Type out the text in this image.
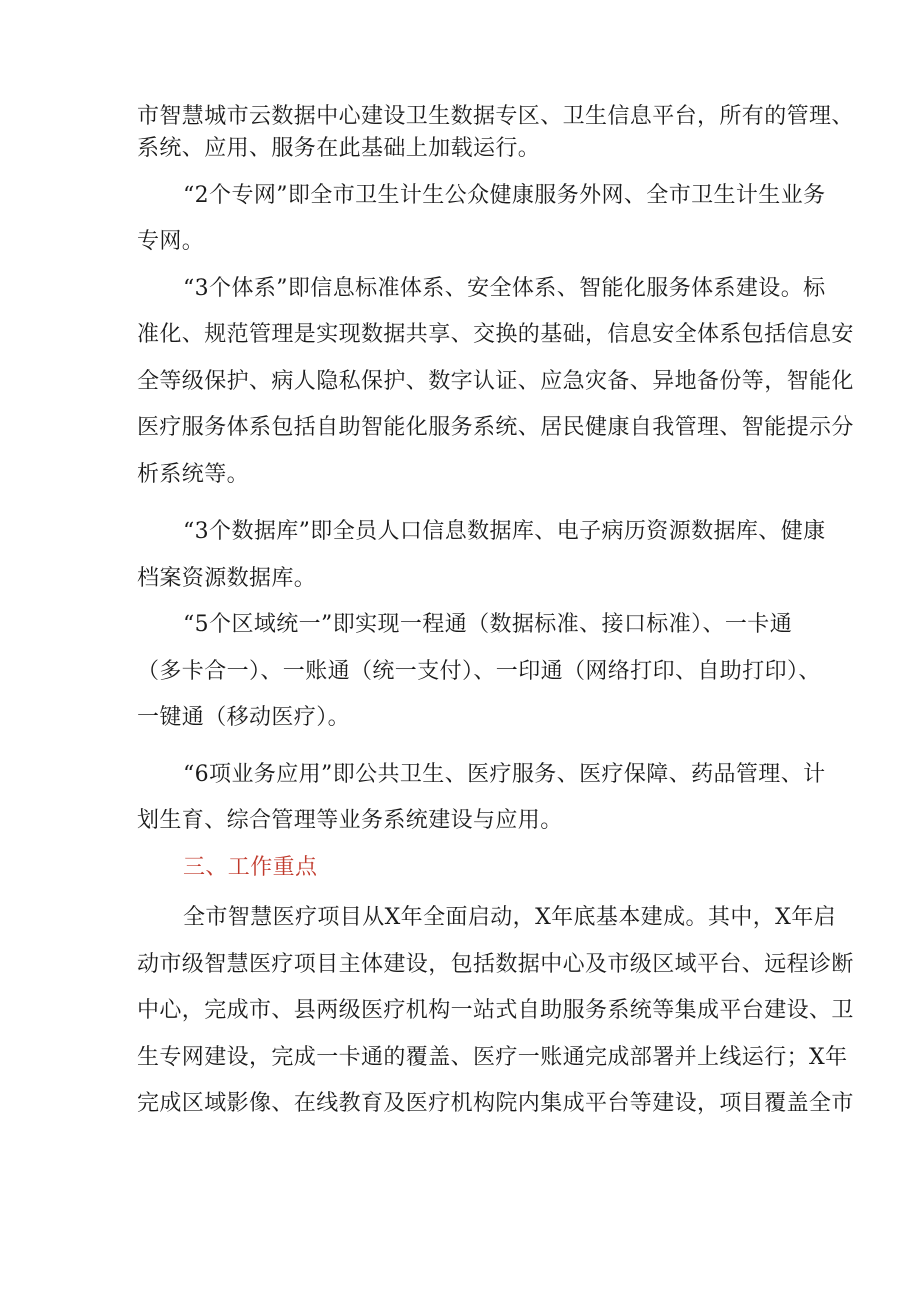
市智慧城市云数据中心建设卫生数据专区、卫生信息平台，所有的管理、

系统、应用、服务在此基础上加载运行。

“2个专网”即全市卫生计生公众健康服务外网、全市卫生计生业务

专网。

“3个体系”即信息标准体系、安全体系、智能化服务体系建设。标

准化、规范管理是实现数据共享、交换的基础，信息安全体系包括信息安

全等级保护、病人隐私保护、数字认证、应急灾备、异地备份等，智能化

医疗服务体系包括自助智能化服务系统、居民健康自我管理、智能提示分

析系统等。

“3个数据库”即全员人口信息数据库、电子病历资源数据库、健康

档案资源数据库。

“5个区域统一”即实现一程通（数据标准、接口标准）、一卡通

（多卡合一）、一账通（统一支付）、一印通（网络打印、自助打印）、

一键通（移动医疗）。

“6项业务应用”即公共卫生、医疗服务、医疗保障、药品管理、计

划生育、综合管理等业务系统建设与应用。

三、工作重点

全市智慧医疗项目从X年全面启动，X年底基本建成。其中，X年启

动市级智慧医疗项目主体建设，包括数据中心及市级区域平台、远程诊断

中心，完成市、县两级医疗机构一站式自助服务系统等集成平台建设、卫

生专网建设，完成一卡通的覆盖、医疗一账通完成部署并上线运行；X年

完成区域影像、在线教育及医疗机构院内集成平台等建设，项目覆盖全市
